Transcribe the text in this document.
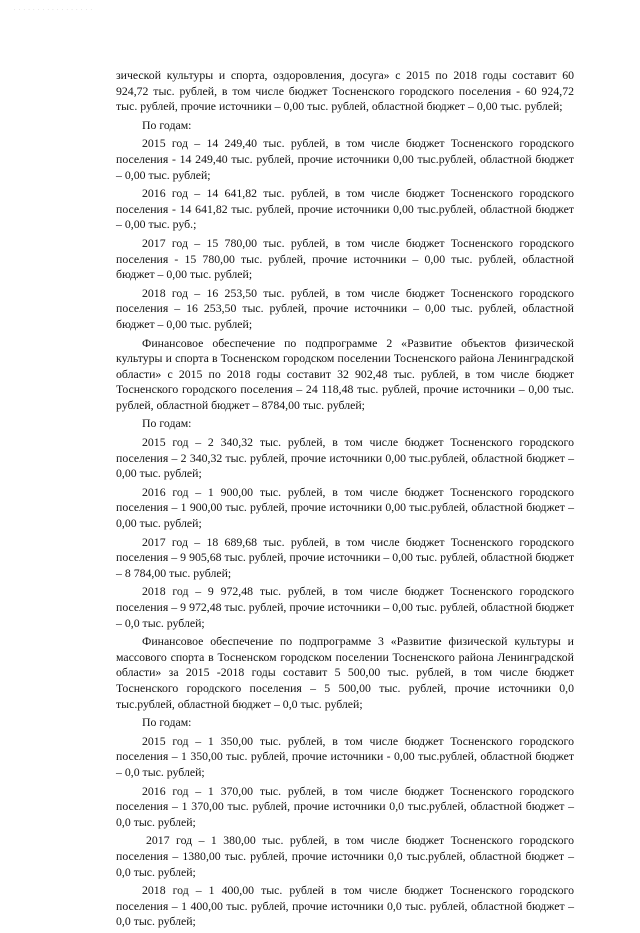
. . . . . . . . . . . . . . . . .

зической культуры и спорта, оздоровления, досуга» с 2015 по 2018 годы составит 60 924,72 тыс. рублей, в том числе бюджет Тосненского городского поселения - 60 924,72 тыс. рублей, прочие источники – 0,00 тыс. рублей, областной бюджет – 0,00 тыс. рублей;

По годам:

2015 год – 14 249,40 тыс. рублей, в том числе бюджет Тосненского городского поселения - 14 249,40 тыс. рублей, прочие источники 0,00 тыс.рублей, областной бюджет – 0,00 тыс. рублей;

2016 год – 14 641,82 тыс. рублей, в том числе бюджет Тосненского городского поселения - 14 641,82 тыс. рублей, прочие источники 0,00 тыс.рублей, областной бюджет – 0,00 тыс. руб.;

2017 год – 15 780,00 тыс. рублей, в том числе бюджет Тосненского городского поселения - 15 780,00 тыс. рублей, прочие источники – 0,00 тыс. рублей, областной бюджет – 0,00 тыс. рублей;

2018 год – 16 253,50 тыс. рублей, в том числе бюджет Тосненского городского поселения – 16 253,50 тыс. рублей, прочие источники – 0,00 тыс. рублей, областной бюджет – 0,00 тыс. рублей;

Финансовое обеспечение по подпрограмме 2 «Развитие объектов физической культуры и спорта в Тосненском городском поселении Тосненского района Ленинградской области» с 2015 по 2018 годы составит 32 902,48 тыс. рублей, в том числе бюджет Тосненского городского поселения – 24 118,48 тыс. рублей, прочие источники – 0,00 тыс. рублей, областной бюджет – 8784,00 тыс. рублей;

По годам:

2015 год – 2 340,32 тыс. рублей, в том числе бюджет Тосненского городского поселения – 2 340,32 тыс. рублей, прочие источники 0,00 тыс.рублей, областной бюджет – 0,00 тыс. рублей;

2016 год – 1 900,00 тыс. рублей, в том числе бюджет Тосненского городского поселения – 1 900,00 тыс. рублей, прочие источники 0,00 тыс.рублей, областной бюджет – 0,00 тыс. рублей;

2017 год – 18 689,68 тыс. рублей, в том числе бюджет Тосненского городского поселения – 9 905,68 тыс. рублей, прочие источники – 0,00 тыс. рублей, областной бюджет – 8 784,00 тыс. рублей;

2018 год – 9 972,48 тыс. рублей, в том числе бюджет Тосненского городского поселения – 9 972,48 тыс. рублей, прочие источники – 0,00 тыс. рублей, областной бюджет – 0,0 тыс. рублей;

Финансовое обеспечение по подпрограмме 3 «Развитие физической культуры и массового спорта в Тосненском городском поселении Тосненского района Ленинградской области» за 2015 -2018 годы составит 5 500,00 тыс. рублей, в том числе бюджет Тосненского городского поселения – 5 500,00 тыс. рублей, прочие источники 0,0 тыс.рублей, областной бюджет – 0,0 тыс. рублей;

По годам:

2015 год – 1 350,00 тыс. рублей, в том числе бюджет Тосненского городского поселения – 1 350,00 тыс. рублей, прочие источники - 0,00 тыс.рублей, областной бюджет – 0,0 тыс. рублей;

2016 год – 1 370,00 тыс. рублей, в том числе бюджет Тосненского городского поселения – 1 370,00 тыс. рублей, прочие источники 0,0 тыс.рублей, областной бюджет – 0,0 тыс. рублей;

2017 год – 1 380,00 тыс. рублей, в том числе бюджет Тосненского городского поселения – 1380,00 тыс. рублей, прочие источники 0,0 тыс.рублей, областной бюджет – 0,0 тыс. рублей;

2018 год – 1 400,00 тыс. рублей в том числе бюджет Тосненского городского поселения – 1 400,00 тыс. рублей, прочие источники 0,0 тыс. рублей, областной бюджет – 0,0 тыс. рублей;
